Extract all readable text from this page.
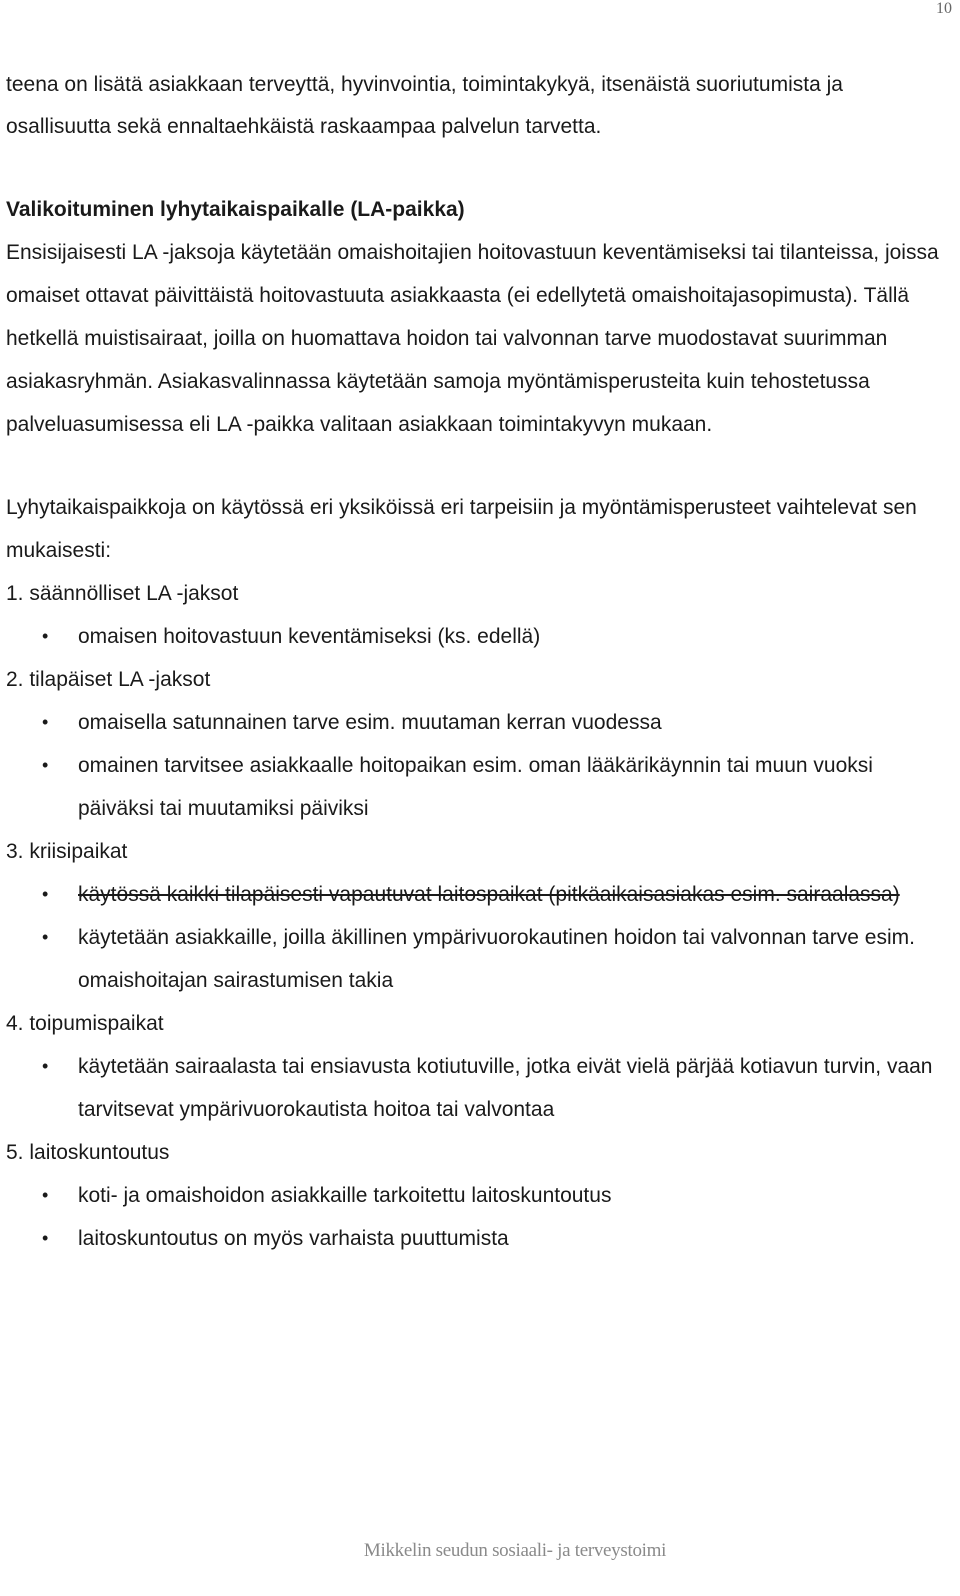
10

teena on lisätä asiakkaan terveyttä, hyvinvointia, toimintakykyä, itsenäistä suoriutumista ja osallisuutta sekä ennaltaehkäistä raskaampaa palvelun tarvetta.

Valikoituminen lyhytaikaispaikalle (LA-paikka)

Ensisijaisesti LA -jaksoja käytetään omaishoitajien hoitovastuun keventämiseksi tai tilanteissa, joissa omaiset ottavat päivittäistä hoitovastuuta asiakkaasta (ei edellytetä omaishoitajasopimusta). Tällä hetkellä muistisairaat, joilla on huomattava hoidon tai valvonnan tarve muodostavat suurimman asiakasryhmän. Asiakasvalinnassa käytetään samoja myöntämisperusteita kuin tehostetussa palveluasumisessa eli LA -paikka valitaan asiakkaan toimintakyvyn mukaan.

Lyhytaikaispaikkoja on käytössä eri yksiköissä eri tarpeisiin ja myöntämisperusteet vaihtelevat sen mukaisesti:

1. säännölliset LA -jaksot

• omaisen hoitovastuun keventämiseksi (ks. edellä)

2. tilapäiset LA -jaksot

• omaisella satunnainen tarve esim. muutaman kerran vuodessa
• omainen tarvitsee asiakkaalle hoitopaikan esim. oman lääkärikäynnin tai muun vuoksi päiväksi tai muutamiksi päiviksi

3. kriisipaikat

• käytössä kaikki tilapäisesti vapautuvat laitospaikat (pitkäaikaisasiakas esim. sairaalassa)
• käytetään asiakkaille, joilla äkillinen ympärivuorokautinen hoidon tai valvonnan tarve esim. omaishoitajan sairastumisen takia

4. toipumispaikat

• käytetään sairaalasta tai ensiavusta kotiutuville, jotka eivät vielä pärjää kotiavun turvin, vaan tarvitsevat ympärivuorokautista hoitoa tai valvontaa

5. laitoskuntoutus

• koti- ja omaishoidon asiakkaille tarkoitettu laitoskuntoutus
• laitoskuntoutus on myös varhaista puuttumista
Mikkelin seudun sosiaali- ja terveystoimi
